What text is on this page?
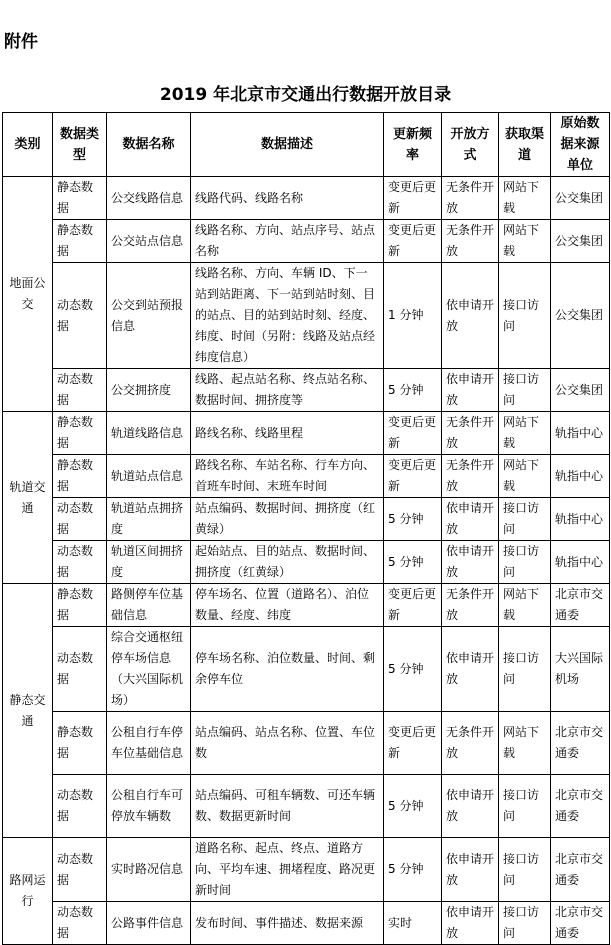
附件
2019 年北京市交通出行数据开放目录
类别	数据类型	数据名称	数据描述	更新频率	开放方式	获取渠道	原始数据来源单位
地面公交	静态数据	公交线路信息	线路代码、线路名称	变更后更新	无条件开放	网站下载	公交集团
	静态数据	公交站点信息	线路名称、方向、站点序号、站点名称	变更后更新	无条件开放	网站下载	公交集团
	动态数据	公交到站预报信息	线路名称、方向、车辆 ID、下一站到站距离、下一站到站时刻、目的站点、目的站到站时刻、经度、纬度、时间（另附：线路及站点经纬度信息）	1 分钟	依申请开放	接口访问	公交集团
	动态数据	公交拥挤度	线路、起点站名称、终点站名称、数据时间、拥挤度等	5 分钟	依申请开放	接口访问	公交集团
轨道交通	静态数据	轨道线路信息	路线名称、线路里程	变更后更新	无条件开放	网站下载	轨指中心
	静态数据	轨道站点信息	路线名称、车站名称、行车方向、首班车时间、末班车时间	变更后更新	无条件开放	网站下载	轨指中心
	动态数据	轨道站点拥挤度	站点编码、数据时间、拥挤度（红黄绿）	5 分钟	依申请开放	接口访问	轨指中心
	动态数据	轨道区间拥挤度	起始站点、目的站点、数据时间、拥挤度（红黄绿）	5 分钟	依申请开放	接口访问	轨指中心
静态交通	静态数据	路侧停车位基础信息	停车场名、位置（道路名）、泊位数量、经度、纬度	变更后更新	无条件开放	网站下载	北京市交通委
	动态数据	综合交通枢纽停车场信息（大兴国际机场）	停车场名称、泊位数量、时间、剩余停车位	5 分钟	依申请开放	接口访问	大兴国际机场
	静态数据	公租自行车停车位基础信息	站点编码、站点名称、位置、车位数	变更后更新	无条件开放	网站下载	北京市交通委
	动态数据	公租自行车可停放车辆数	站点编码、可租车辆数、可还车辆数、数据更新时间	5 分钟	依申请开放	接口访问	北京市交通委
路网运行	动态数据	实时路况信息	道路名称、起点、终点、道路方向、平均车速、拥堵程度、路况更新时间	5 分钟	依申请开放	接口访问	北京市交通委
	动态数据	公路事件信息	发布时间、事件描述、数据来源	实时	依申请开放	接口访问	北京市交通委
